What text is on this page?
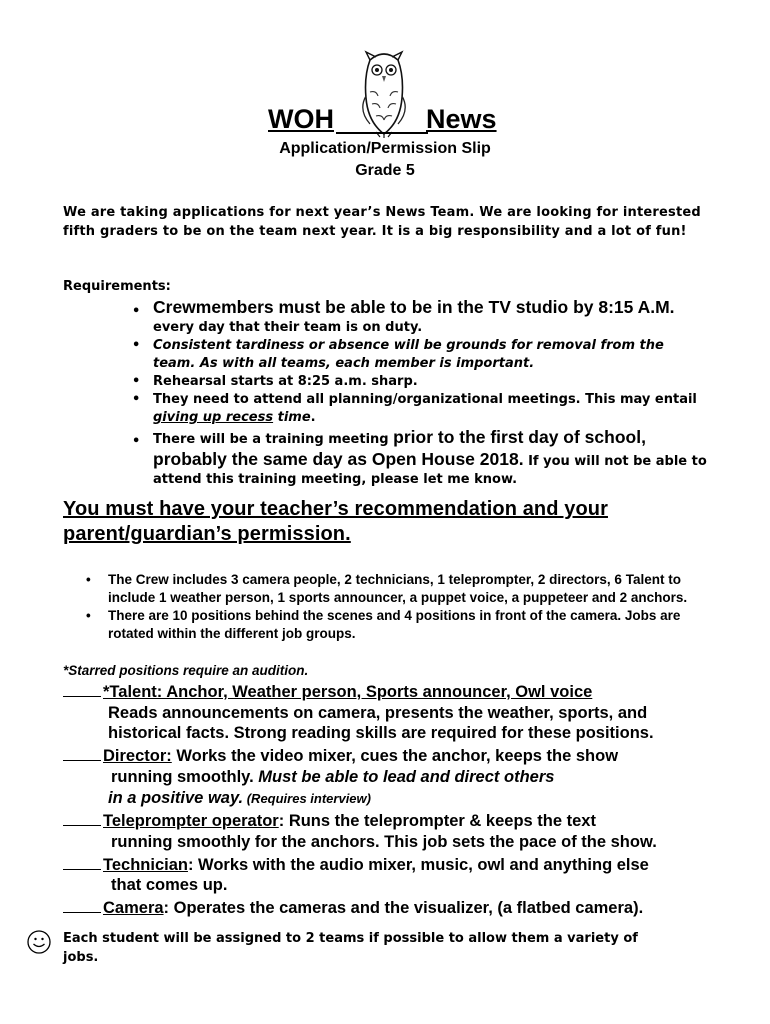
WOH	News
Application/Permission Slip
Grade 5
We are taking applications for next year’s News Team. We are looking for interested fifth graders to be on the team next year. It is a big responsibility and a lot of fun!
Requirements:
• Crewmembers must be able to be in the TV studio by 8:15 A.M. every day that their team is on duty.
• Consistent tardiness or absence will be grounds for removal from the team. As with all teams, each member is important.
• Rehearsal starts at 8:25 a.m. sharp.
• They need to attend all planning/organizational meetings. This may entail giving up recess time.
• There will be a training meeting prior to the first day of school, probably the same day as Open House 2018. If you will not be able to attend this training meeting, please let me know.
You must have your teacher’s recommendation and your parent/guardian’s permission.
• The Crew includes 3 camera people, 2 technicians, 1 teleprompter, 2 directors, 6 Talent to include 1 weather person, 1 sports announcer, a puppet voice, a puppeteer and 2 anchors.
• There are 10 positions behind the scenes and 4 positions in front of the camera. Jobs are rotated within the different job groups.
*Starred positions require an audition.
*Talent: Anchor, Weather person, Sports announcer, Owl voice
Reads announcements on camera, presents the weather, sports, and
historical facts. Strong reading skills are required for these positions.
Director: Works the video mixer, cues the anchor, keeps the show
running smoothly. Must be able to lead and direct others
in a positive way. (Requires interview)
Teleprompter operator: Runs the teleprompter & keeps the text
running smoothly for the anchors. This job sets the pace of the show.
Technician: Works with the audio mixer, music, owl and anything else
that comes up.
Camera: Operates the cameras and the visualizer, (a flatbed camera).
Each student will be assigned to 2 teams if possible to allow them a variety of jobs.
